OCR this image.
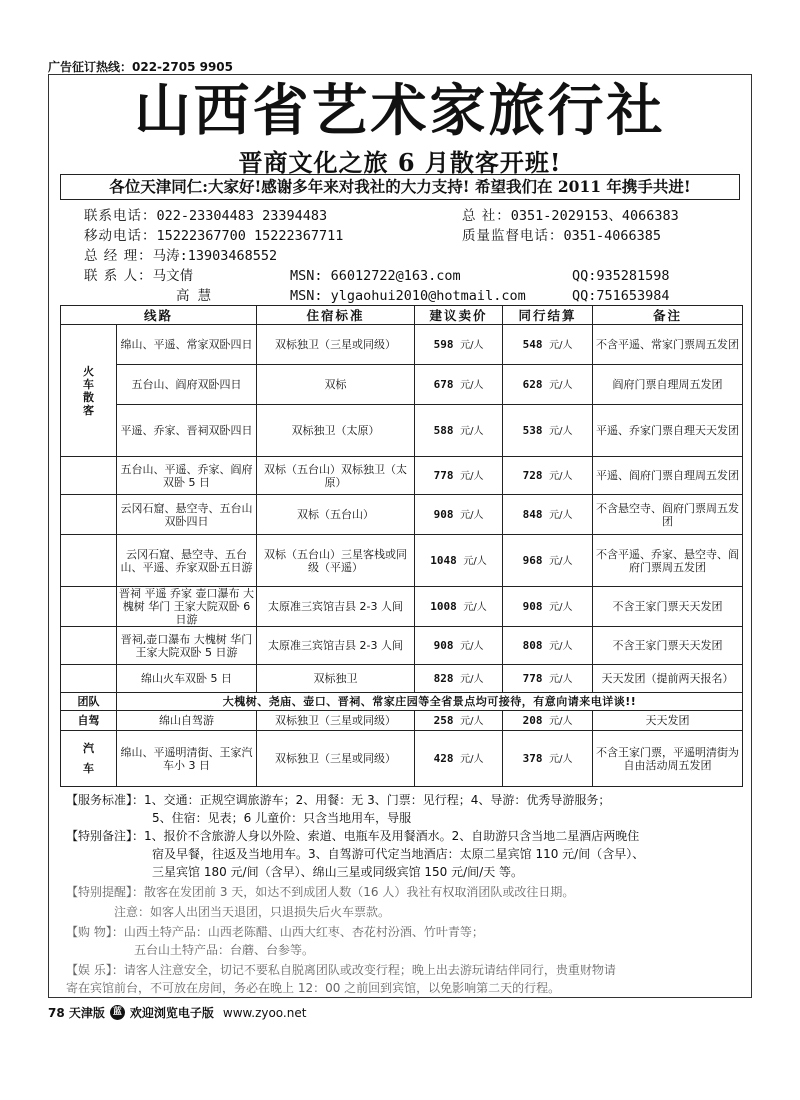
广告征订热线：022-2705 9905
山西省艺术家旅行社
晋商文化之旅 6 月散客开班!
各位天津同仁:大家好!感谢多年来对我社的大力支持! 希望我们在 2011 年携手共进!
联系电话：022-23304483 23394483	总 社：0351-2029153、4066383
移动电话：15222367700 15222367711	质量监督电话：0351-4066385
总 经 理：马涛:13903468552
联 系 人：马文倩	MSN: 66012722@163.com	QQ:935281598
高 慧	MSN: ylgaohui2010@hotmail.com	QQ:751653984
线路		住宿标准	建议卖价	同行结算	备注

火
车
散
客	绵山、平遥、常家双卧四日	双标独卫（三星或同级）	598 元/人	548 元/人	不含平遥、常家门票周五发团
	五台山、阎府双卧四日	双标	678 元/人	628 元/人	阎府门票自理周五发团
	平遥、乔家、晋祠双卧四日	双标独卫（太原）	588 元/人	538 元/人	平遥、乔家门票自理天天发团
	五台山、平遥、乔家、阎府双卧 5 日	双标（五台山）双标独卫（太原）	778 元/人	728 元/人	平遥、阎府门票自理周五发团
	云冈石窟、悬空寺、五台山双卧四日	双标（五台山）	908 元/人	848 元/人	不含悬空寺、阎府门票周五发团
	云冈石窟、悬空寺、五台山、平遥、乔家双卧五日游	双标（五台山）三星客栈或同级（平遥）	1048 元/人	968 元/人	不含平遥、乔家、悬空寺、阎府门票周五发团
	晋祠 平遥 乔家 壶口瀑布 大槐树 华门 王家大院双卧 6 日游	太原准三宾馆吉县 2-3 人间	1008 元/人	908 元/人	不含王家门票天天发团
	晋祠,壶口瀑布 大槐树 华门王家大院双卧 5 日游	太原准三宾馆吉县 2-3 人间	908 元/人	808 元/人	不含王家门票天天发团
	绵山火车双卧 5 日	双标独卫	828 元/人	778 元/人	天天发团（提前两天报名）
团队	大槐树、尧庙、壶口、晋祠、常家庄园等全省景点均可接待，有意向请来电详谈!!				
自驾	绵山自驾游	双标独卫（三星或同级）	258 元/人	208 元/人	天天发团

汽
车	绵山、平遥明清街、王家汽车小 3 日	双标独卫（三星或同级）	428 元/人	378 元/人	不含王家门票，平遥明清街为自由活动周五发团
【服务标准】：1、交通：正规空调旅游车；2、用餐：无 3、门票：见行程；4、导游：优秀导游服务；
5、住宿：见表；6 儿童价：只含当地用车，导服
【特别备注】：1、报价不含旅游人身以外险、索道、电瓶车及用餐酒水。2、自助游只含当地二星酒店两晚住
宿及早餐，往返及当地用车。3、自驾游可代定当地酒店：太原二星宾馆 110 元/间（含早）、
三星宾馆 180 元/间（含早）、绵山三星或同级宾馆 150 元/间/天 等。
【特别提醒】：散客在发团前 3 天，如达不到成团人数（16 人）我社有权取消团队或改往日期。
注意：如客人出团当天退团，只退损失后火车票款。
【购 物】：山西土特产品：山西老陈醋、山西大红枣、杏花村汾酒、竹叶青等；
五台山土特产品：台蘑、台参等。
【娱 乐】：请客人注意安全，切记不要私自脱离团队或改变行程；晚上出去游玩请结伴同行，贵重财物请
寄在宾馆前台，不可放在房间，务必在晚上 12：00 之前回到宾馆，以免影响第二天的行程。
78 天津版 蓝 欢迎浏览电子版 www.zyoo.net
